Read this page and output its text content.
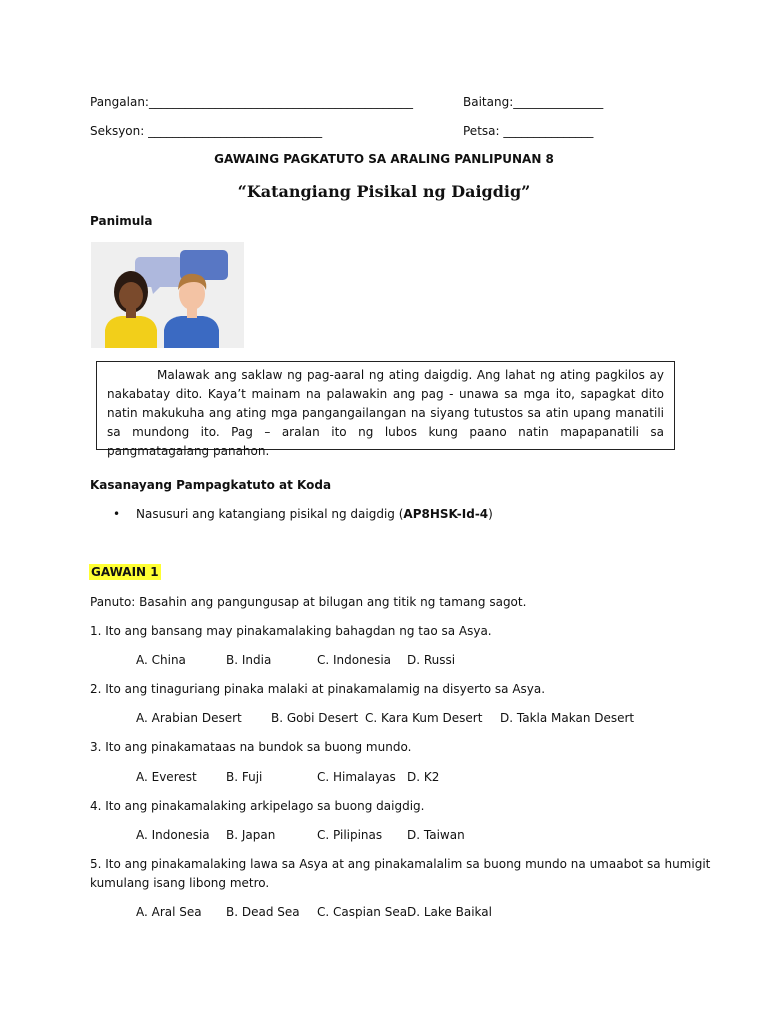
Pangalan:____________________________________________	Baitang:_______________
Seksyon: _____________________________	Petsa: _______________
GAWAING PAGKATUTO SA ARALING PANLIPUNAN 8
“Katangiang Pisikal ng Daigdig”
Panimula

Malawak ang saklaw ng pag-aaral ng ating daigdig. Ang lahat ng ating pagkilos ay nakabatay dito. Kaya’t mainam na palawakin ang pag - unawa sa mga ito, sapagkat dito natin makukuha ang ating mga pangangailangan na siyang tutustos sa atin upang manatili sa mundong ito. Pag – aralan ito ng lubos kung paano natin mapapanatili sa pangmatagalang panahon.

Kasanayang Pampagkatuto at Koda
• Nasusuri ang katangiang pisikal ng daigdig (AP8HSK-Id-4)
GAWAIN 1
Panuto: Basahin ang pangungusap at bilugan ang titik ng tamang sagot.
1. Ito ang bansang may pinakamalaking bahagdan ng tao sa Asya.
A. China	B. India	C. Indonesia D. Russi
2. Ito ang tinaguriang pinaka malaki at pinakamalamig na disyerto sa Asya.
A. Arabian Desert B. Gobi Desert C. Kara Kum Desert D. Takla Makan Desert
3. Ito ang pinakamataas na bundok sa buong mundo.
A. Everest B. Fuji	C. Himalayas D. K2
4. Ito ang pinakamalaking arkipelago sa buong daigdig.
A. Indonesia B. Japan	C. Pilipinas D. Taiwan
5. Ito ang pinakamalaking lawa sa Asya at ang pinakamalalim sa buong mundo na umaabot sa humigit
kumulang isang libong metro.
A. Aral Sea B. Dead Sea C. Caspian Sea D. Lake Baikal
